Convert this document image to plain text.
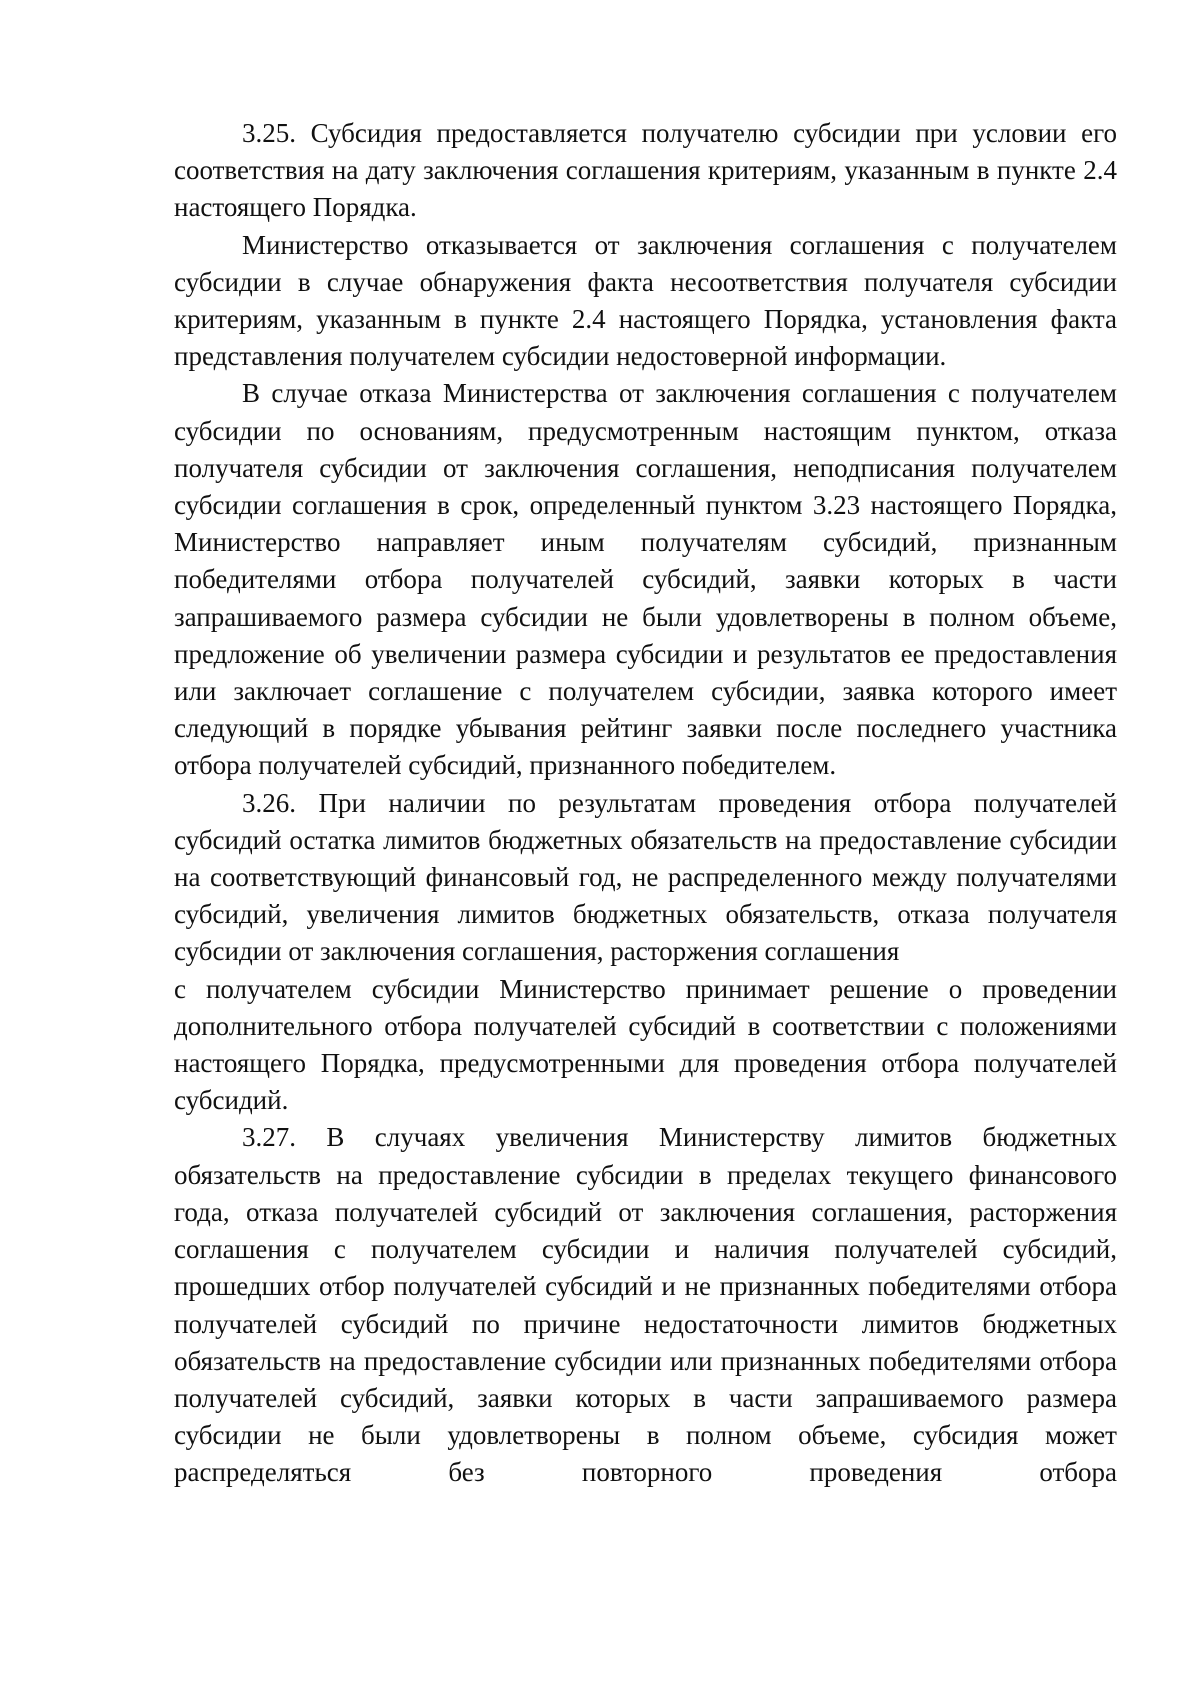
3.25. Субсидия предоставляется получателю субсидии при условии его соответствия на дату заключения соглашения критериям, указанным в пункте 2.4 настоящего Порядка.

Министерство отказывается от заключения соглашения с получателем субсидии в случае обнаружения факта несоответствия получателя субсидии критериям, указанным в пункте 2.4 настоящего Порядка, установления факта представления получателем субсидии недостоверной информации.

В случае отказа Министерства от заключения соглашения с получателем субсидии по основаниям, предусмотренным настоящим пунктом, отказа получателя субсидии от заключения соглашения, неподписания получателем субсидии соглашения в срок, определенный пунктом 3.23 настоящего Порядка, Министерство направляет иным получателям субсидий, признанным победителями отбора получателей субсидий, заявки которых в части запрашиваемого размера субсидии не были удовлетворены в полном объеме, предложение об увеличении размера субсидии и результатов ее предоставления или заключает соглашение с получателем субсидии, заявка которого имеет следующий в порядке убывания рейтинг заявки после последнего участника отбора получателей субсидий, признанного победителем.

3.26. При наличии по результатам проведения отбора получателей субсидий остатка лимитов бюджетных обязательств на предоставление субсидии на соответствующий финансовый год, не распределенного между получателями субсидий, увеличения лимитов бюджетных обязательств, отказа получателя субсидии от заключения соглашения, расторжения соглашения

с получателем субсидии Министерство принимает решение о проведении дополнительного отбора получателей субсидий в соответствии с положениями настоящего Порядка, предусмотренными для проведения отбора получателей субсидий.

3.27. В случаях увеличения Министерству лимитов бюджетных обязательств на предоставление субсидии в пределах текущего финансового года, отказа получателей субсидий от заключения соглашения, расторжения соглашения с получателем субсидии и наличия получателей субсидий, прошедших отбор получателей субсидий и не признанных победителями отбора получателей субсидий по причине недостаточности лимитов бюджетных обязательств на предоставление субсидии или признанных победителями отбора получателей субсидий, заявки которых в части запрашиваемого размера субсидии не были удовлетворены в полном объеме, субсидия может распределяться без повторного проведения отбора
